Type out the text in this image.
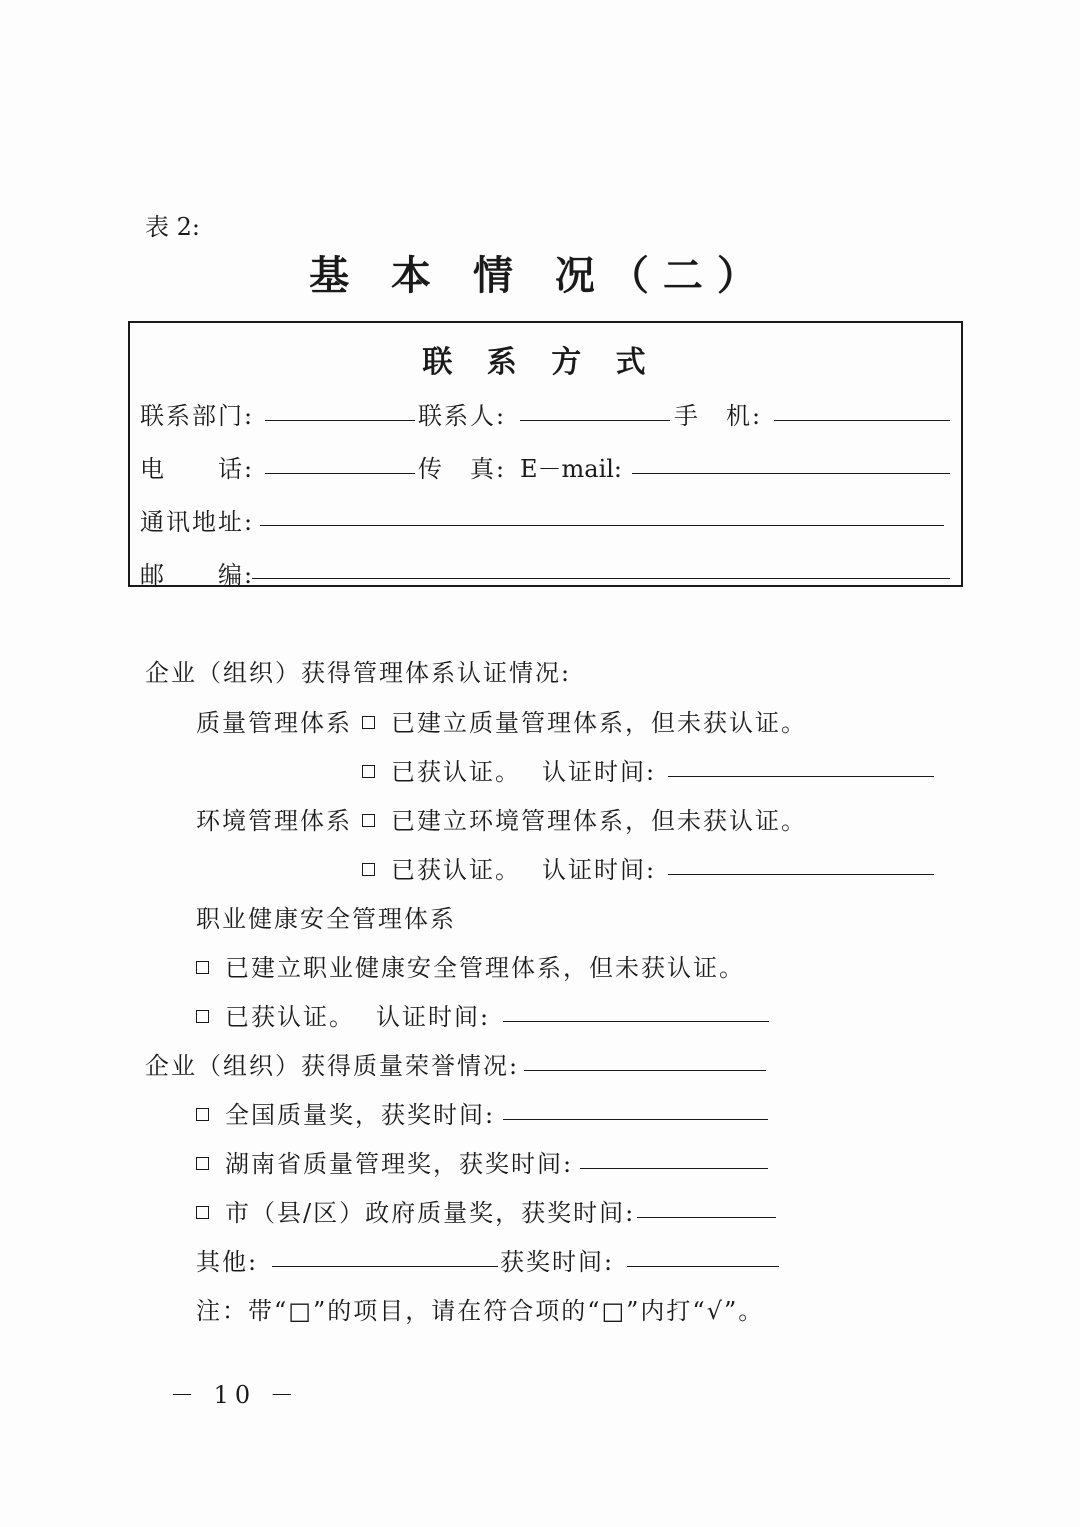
表 2:
基 本 情 况（二）
联 系 方 式
联系部门:	联系人:	手　机:
电　　话:	传　真: E－mail:
通讯地址:
邮　　编:
企业（组织）获得管理体系认证情况:
质量管理体系	已建立质量管理体系，但未获认证。
已获认证。 认证时间:
环境管理体系	已建立环境管理体系，但未获认证。
已获认证。 认证时间:
职业健康安全管理体系
已建立职业健康安全管理体系，但未获认证。
已获认证。 认证时间:
企业（组织）获得质量荣誉情况:
全国质量奖，获奖时间:
湖南省质量管理奖，获奖时间:
市（县/区）政府质量奖，获奖时间:
其他:	获奖时间:
注：带“□”的项目，请在符合项的“□”内打“√”。
－ 10 －
